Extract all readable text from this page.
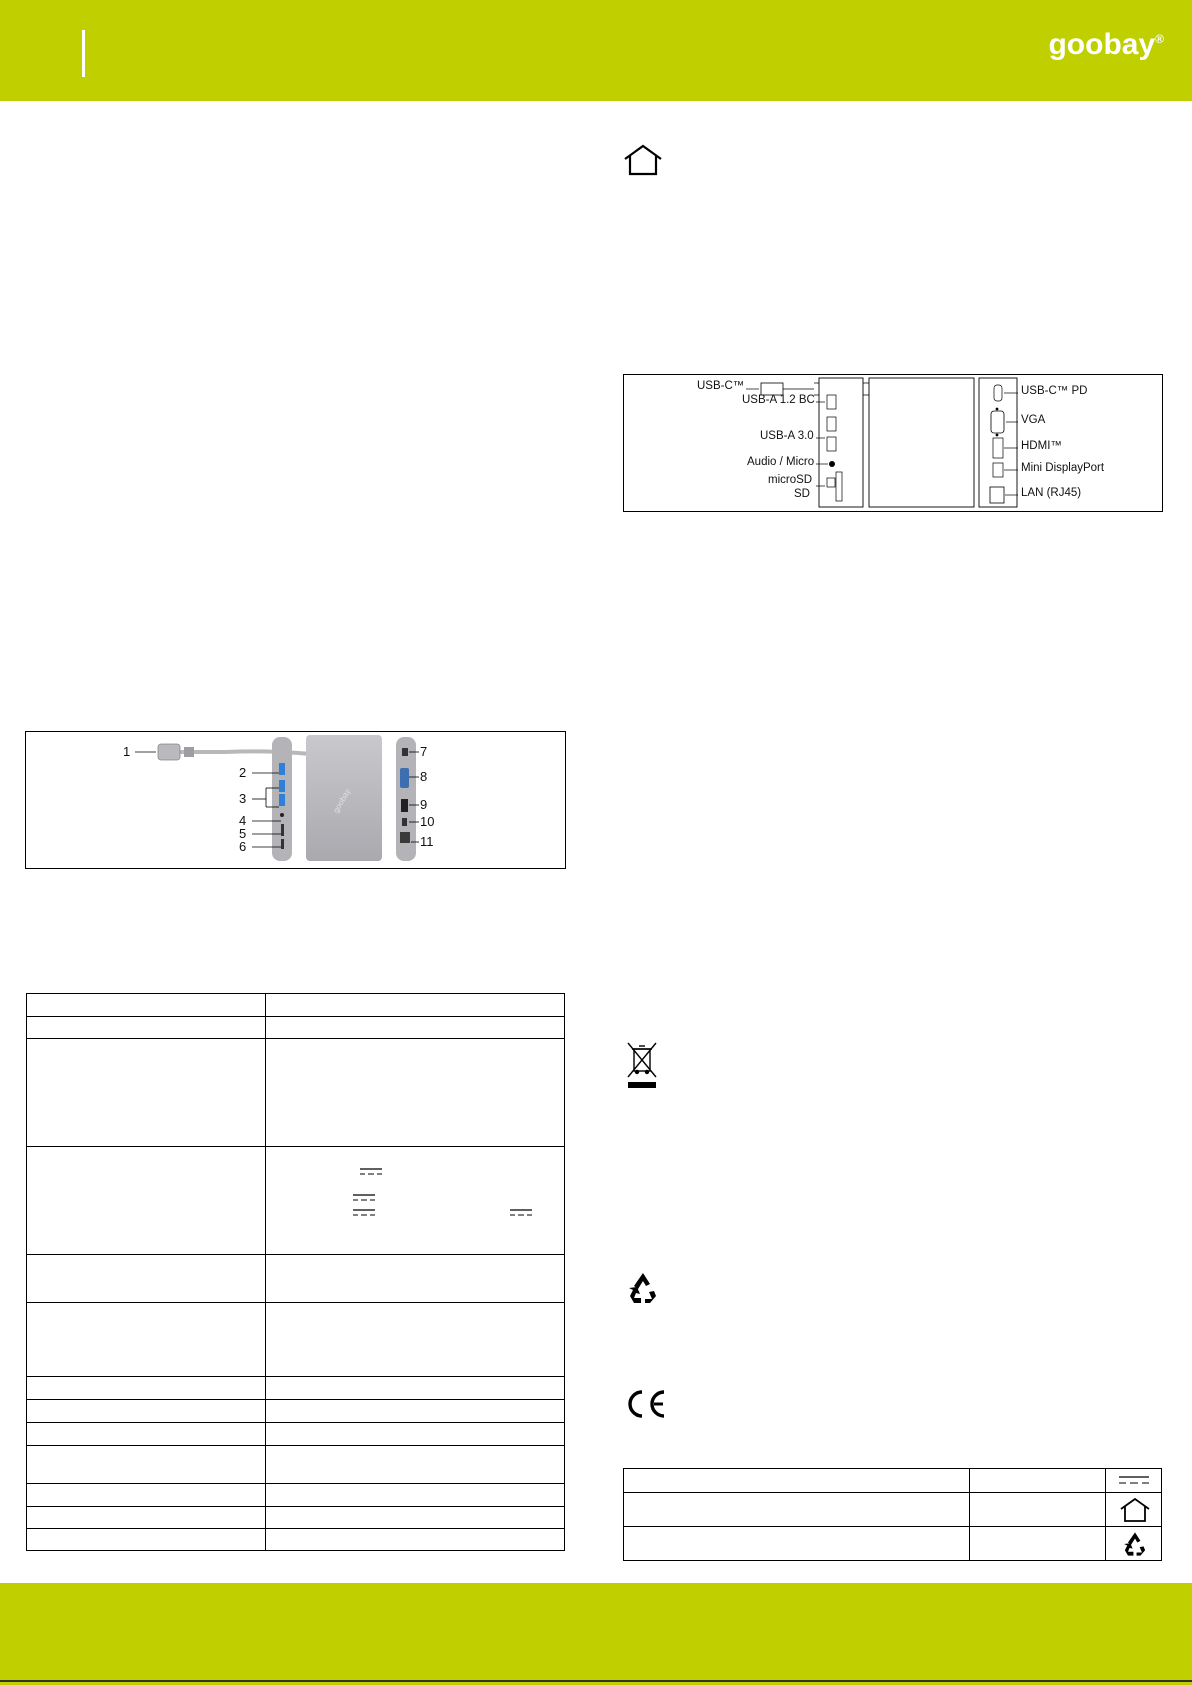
goobay®
USB-C™
USB-A 1.2 BC
USB-A 3.0
Audio / Micro
microSD
SD
USB-C™ PD
VGA
HDMI™
Mini DisplayPort
LAN (RJ45)
goobay
1
2
3
4
5
6
7
8
9
10
11
